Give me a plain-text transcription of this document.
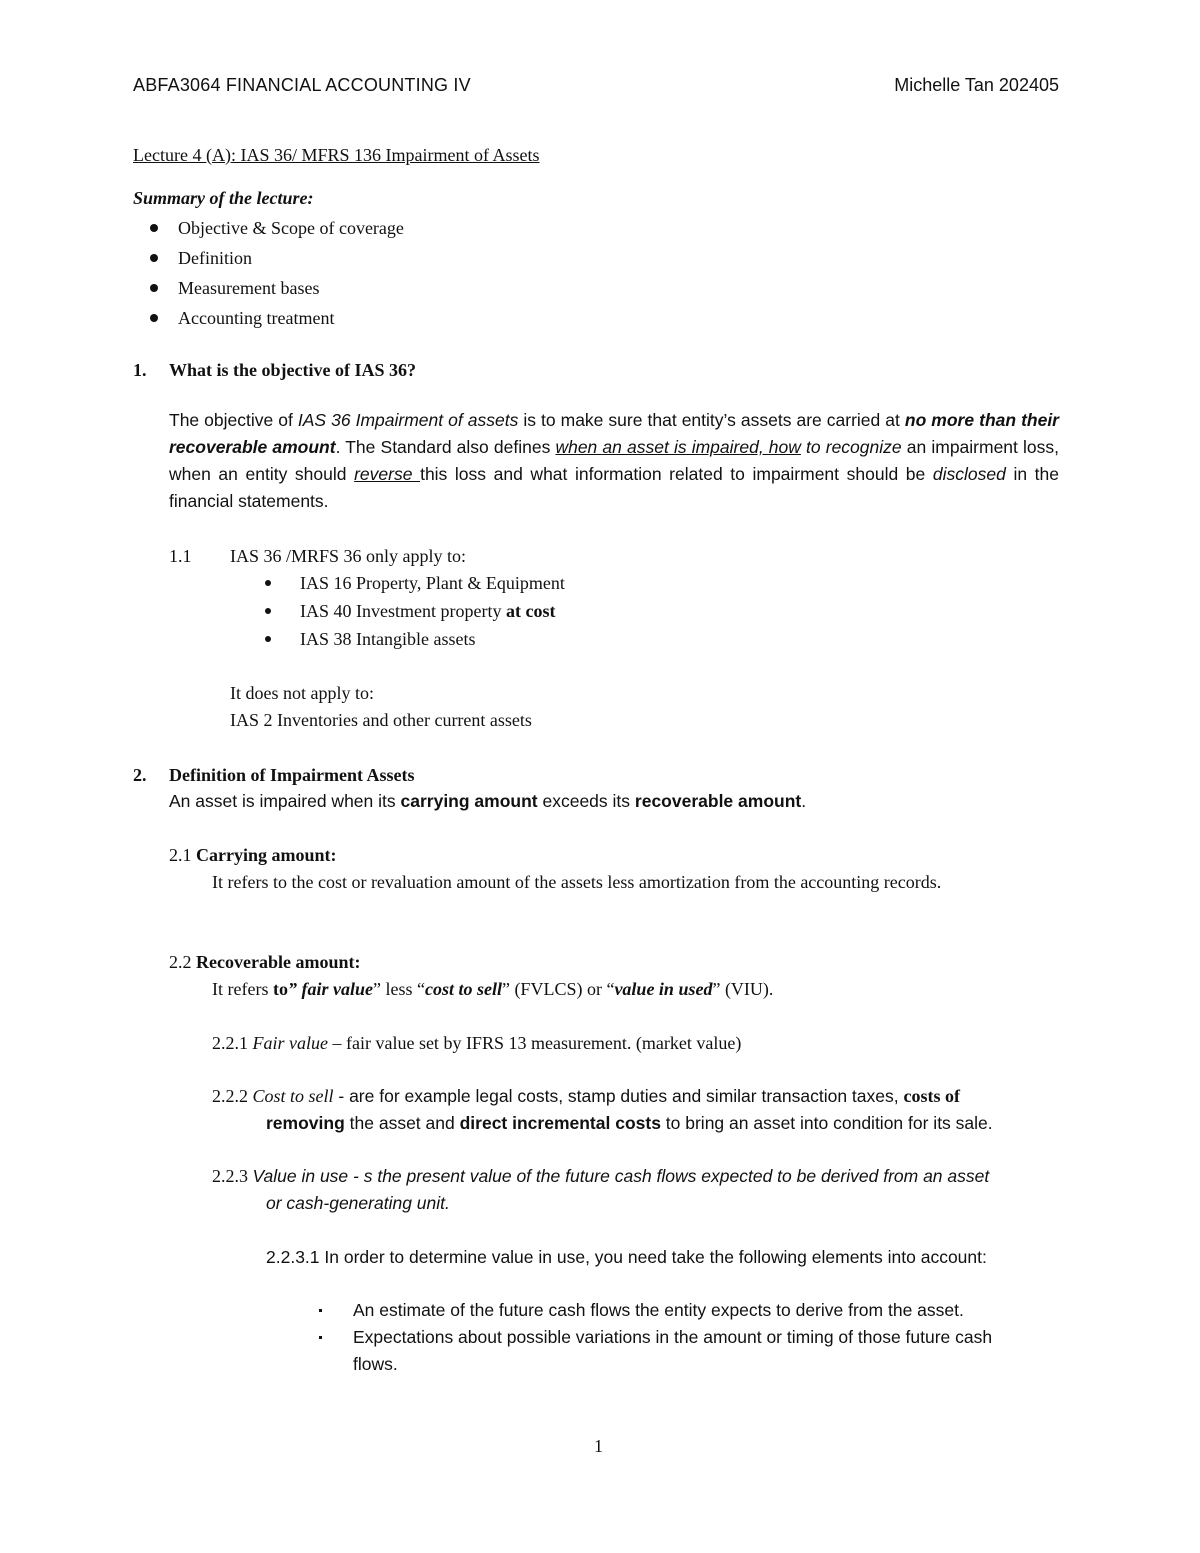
ABFA3064 FINANCIAL ACCOUNTING IV	Michelle Tan 202405
Lecture 4 (A): IAS 36/ MFRS 136 Impairment of Assets
Summary of the lecture:
Objective & Scope of coverage
Definition
Measurement bases
Accounting treatment
1. What is the objective of IAS 36?
The objective of IAS 36 Impairment of assets is to make sure that entity’s assets are carried at no more than their recoverable amount. The Standard also defines when an asset is impaired, how to recognize an impairment loss, when an entity should reverse this loss and what information related to impairment should be disclosed in the financial statements.
1.1 IAS 36 /MRFS 36 only apply to:
IAS 16 Property, Plant & Equipment
IAS 40 Investment property at cost
IAS 38 Intangible assets
It does not apply to:
IAS 2 Inventories and other current assets
2. Definition of Impairment Assets
An asset is impaired when its carrying amount exceeds its recoverable amount.
2.1 Carrying amount:
It refers to the cost or revaluation amount of the assets less amortization from the accounting records.
2.2 Recoverable amount:
It refers to” fair value” less “cost to sell” (FVLCS) or “value in used” (VIU).
2.2.1 Fair value – fair value set by IFRS 13 measurement. (market value)
2.2.2 Cost to sell - are for example legal costs, stamp duties and similar transaction taxes, costs of
removing the asset and direct incremental costs to bring an asset into condition for its sale.
2.2.3 Value in use - s the present value of the future cash flows expected to be derived from an asset
or cash-generating unit.
2.2.3.1 In order to determine value in use, you need take the following elements into account:
An estimate of the future cash flows the entity expects to derive from the asset.
Expectations about possible variations in the amount or timing of those future cash
flows.
1
